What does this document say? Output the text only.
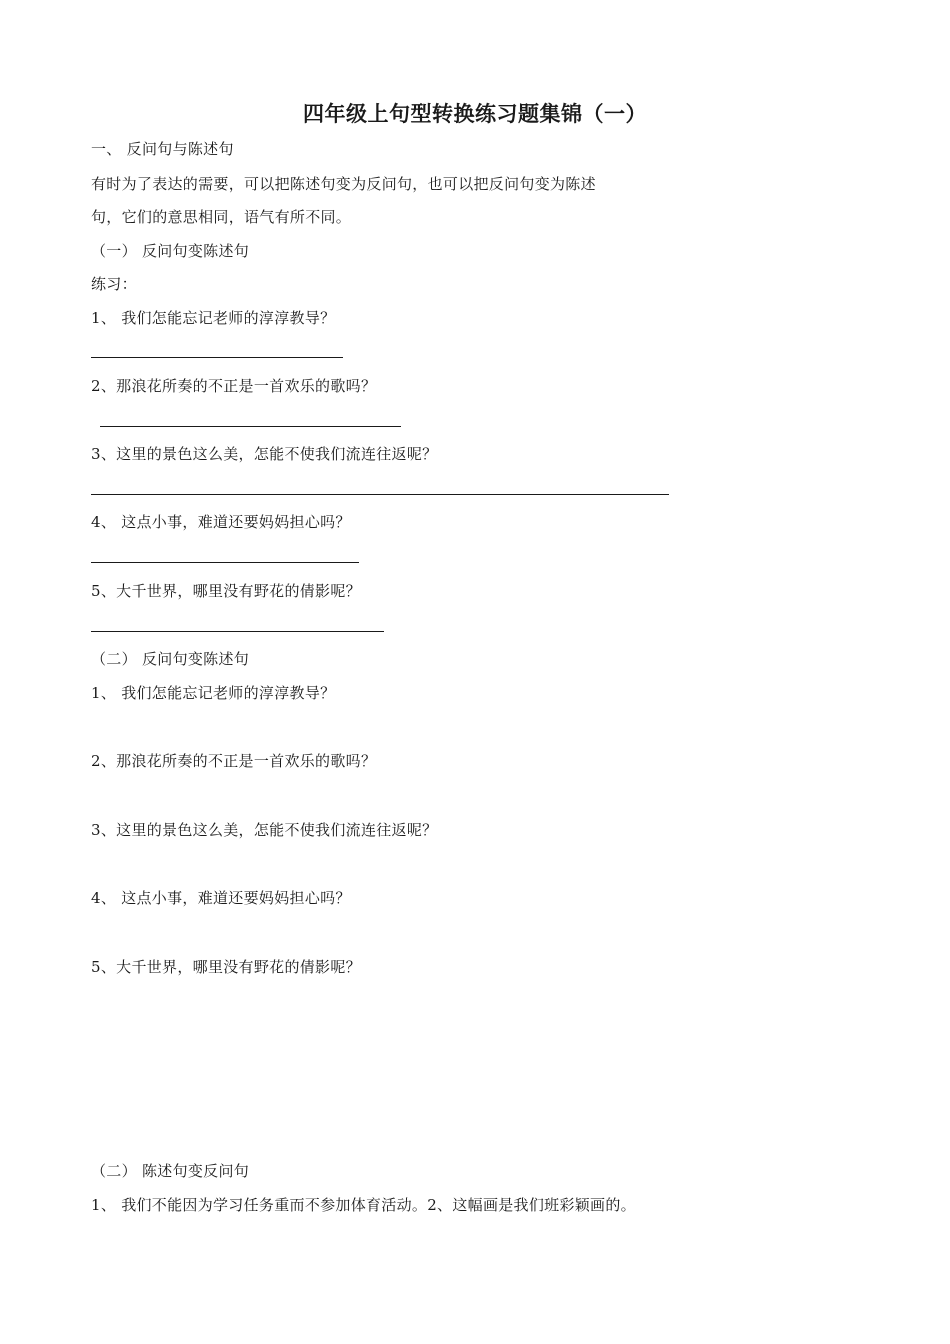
四年级上句型转换练习题集锦（一）
一、 反问句与陈述句
有时为了表达的需要，可以把陈述句变为反问句，也可以把反问句变为陈述
句，它们的意思相同，语气有所不同。
（一） 反问句变陈述句
练习：
1、 我们怎能忘记老师的淳淳教导？
2、那浪花所奏的不正是一首欢乐的歌吗？
3、这里的景色这么美，怎能不使我们流连往返呢？
4、 这点小事，难道还要妈妈担心吗？
5、大千世界，哪里没有野花的倩影呢？
（二） 反问句变陈述句
1、 我们怎能忘记老师的淳淳教导？
2、那浪花所奏的不正是一首欢乐的歌吗？
3、这里的景色这么美，怎能不使我们流连往返呢？
4、 这点小事，难道还要妈妈担心吗？
5、大千世界，哪里没有野花的倩影呢？
（二） 陈述句变反问句
1、 我们不能因为学习任务重而不参加体育活动。2、这幅画是我们班彩颖画的。
